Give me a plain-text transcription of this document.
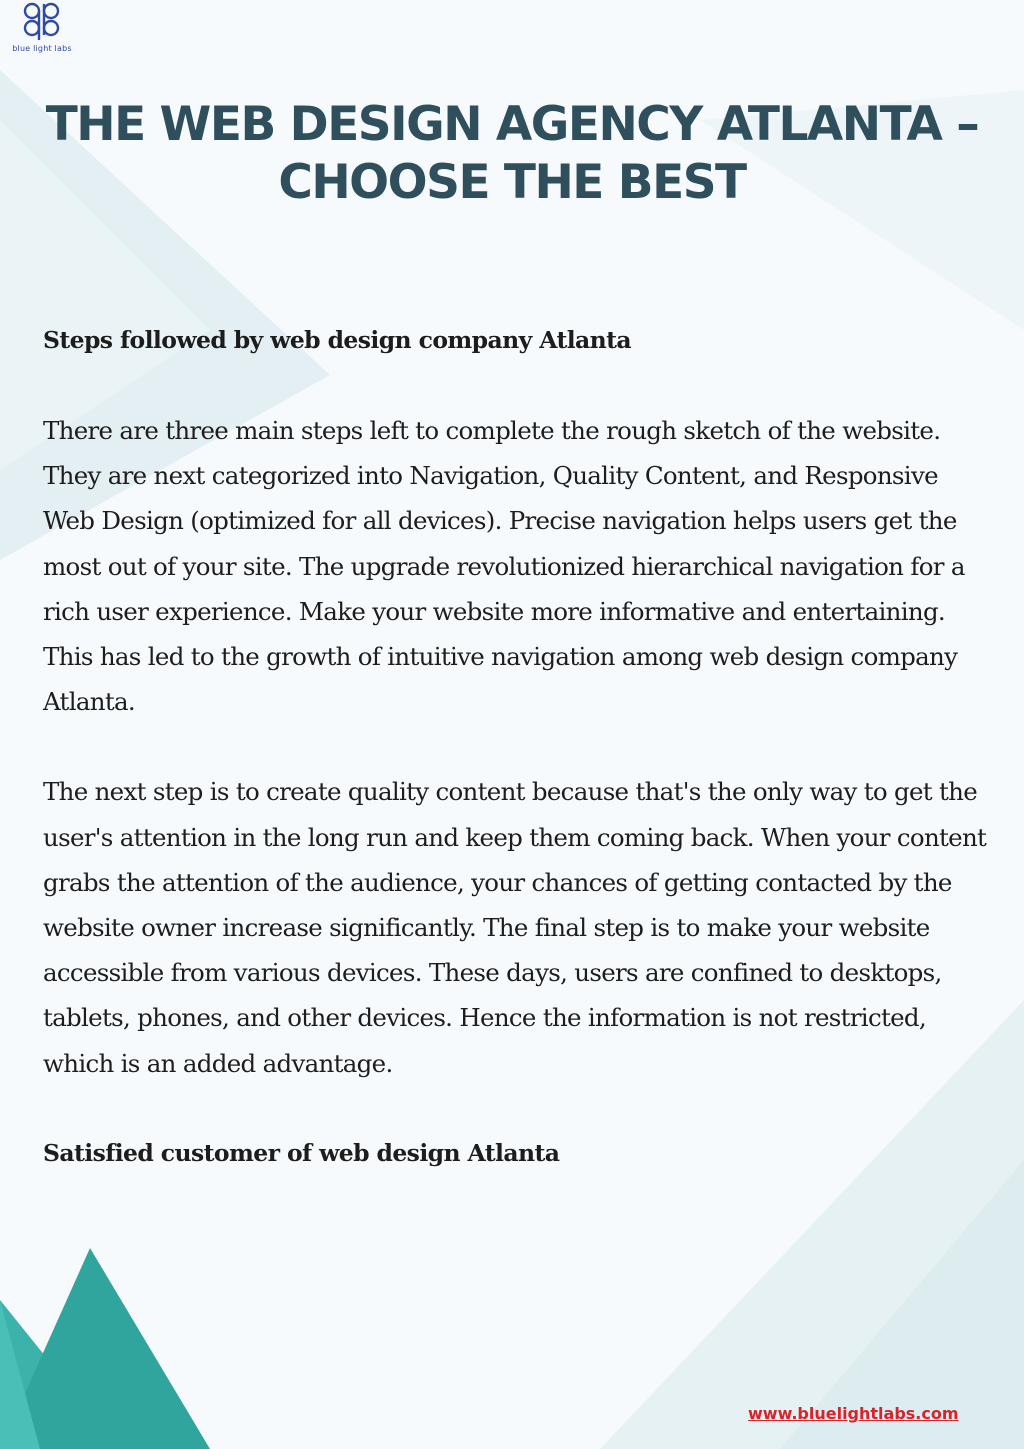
blue light labs
THE WEB DESIGN AGENCY ATLANTA – CHOOSE THE BEST

Steps followed by web design company Atlanta

There are three main steps left to complete the rough sketch of the website. They are next categorized into Navigation, Quality Content, and Responsive Web Design (optimized for all devices). Precise navigation helps users get the most out of your site. The upgrade revolutionized hierarchical navigation for a rich user experience. Make your website more informative and entertaining. This has led to the growth of intuitive navigation among web design company Atlanta.

The next step is to create quality content because that's the only way to get the user's attention in the long run and keep them coming back. When your content grabs the attention of the audience, your chances of getting contacted by the website owner increase significantly. The final step is to make your website accessible from various devices. These days, users are confined to desktops, tablets, phones, and other devices. Hence the information is not restricted, which is an added advantage.

Satisfied customer of web design Atlanta

www.bluelightlabs.com
